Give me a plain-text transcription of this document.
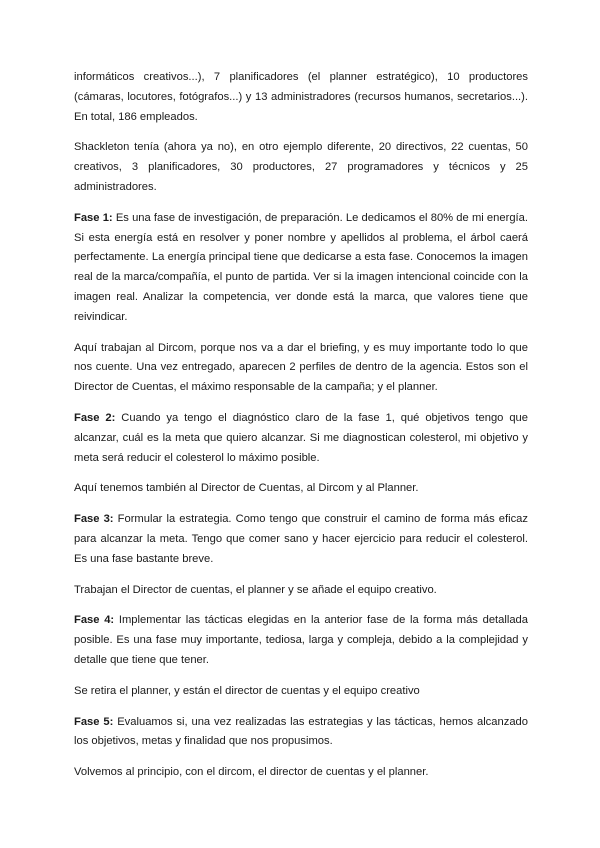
informáticos creativos...), 7 planificadores (el planner estratégico), 10 productores (cámaras, locutores, fotógrafos...) y 13 administradores (recursos humanos, secretarios...). En total, 186 empleados.

Shackleton tenía (ahora ya no), en otro ejemplo diferente, 20 directivos, 22 cuentas, 50 creativos, 3 planificadores, 30 productores, 27 programadores y técnicos y 25 administradores.

Fase 1: Es una fase de investigación, de preparación. Le dedicamos el 80% de mi energía. Si esta energía está en resolver y poner nombre y apellidos al problema, el árbol caerá perfectamente. La energía principal tiene que dedicarse a esta fase. Conocemos la imagen real de la marca/compañía, el punto de partida. Ver si la imagen intencional coincide con la imagen real. Analizar la competencia, ver donde está la marca, que valores tiene que reivindicar.

Aquí trabajan al Dircom, porque nos va a dar el briefing, y es muy importante todo lo que nos cuente. Una vez entregado, aparecen 2 perfiles de dentro de la agencia. Estos son el Director de Cuentas, el máximo responsable de la campaña; y el planner.

Fase 2: Cuando ya tengo el diagnóstico claro de la fase 1, qué objetivos tengo que alcanzar, cuál es la meta que quiero alcanzar. Si me diagnostican colesterol, mi objetivo y meta será reducir el colesterol lo máximo posible.

Aquí tenemos también al Director de Cuentas, al Dircom y al Planner.

Fase 3: Formular la estrategia. Como tengo que construir el camino de forma más eficaz para alcanzar la meta. Tengo que comer sano y hacer ejercicio para reducir el colesterol. Es una fase bastante breve.

Trabajan el Director de cuentas, el planner y se añade el equipo creativo.

Fase 4: Implementar las tácticas elegidas en la anterior fase de la forma más detallada posible. Es una fase muy importante, tediosa, larga y compleja, debido a la complejidad y detalle que tiene que tener.

Se retira el planner, y están el director de cuentas y el equipo creativo

Fase 5: Evaluamos si, una vez realizadas las estrategias y las tácticas, hemos alcanzado los objetivos, metas y finalidad que nos propusimos.

Volvemos al principio, con el dircom, el director de cuentas y el planner.
